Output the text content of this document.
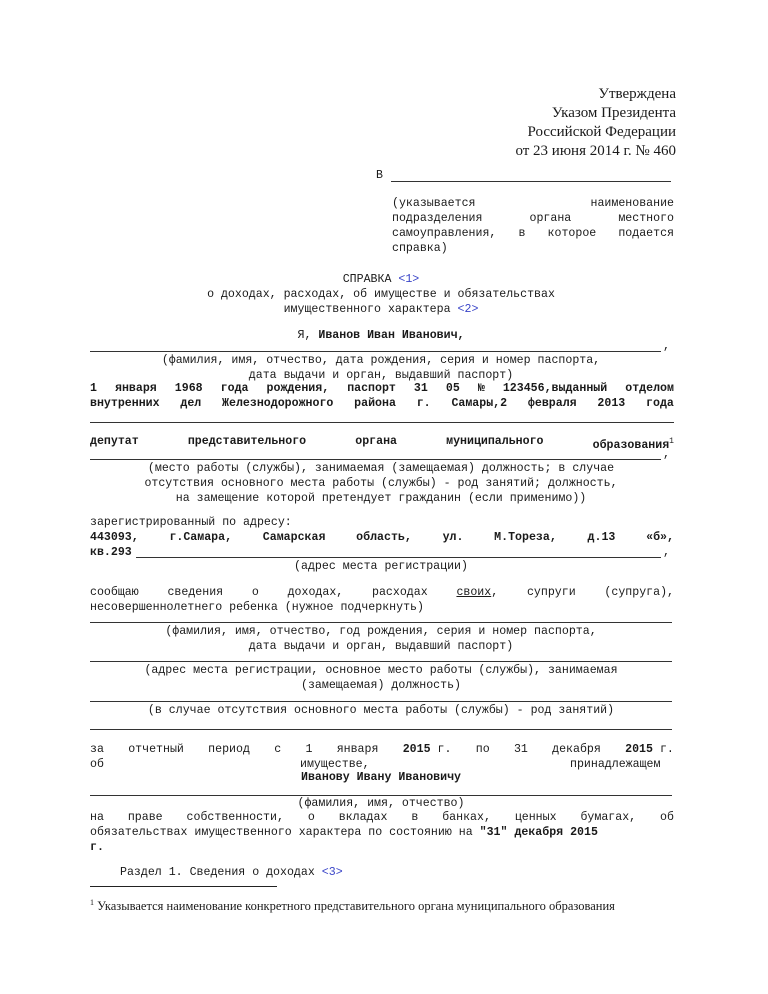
Утверждена
Указом Президента
Российской Федерации
от 23 июня 2014 г. № 460
В
(указывается	наименование
подразделения	органа	местного
самоуправления, в которое подается
справка)
СПРАВКА <1>
о доходах, расходах, об имуществе и обязательствах
имущественного характера <2>
Я, Иванов Иван Иванович,
,
(фамилия, имя, отчество, дата рождения, серия и номер паспорта,
дата выдачи и орган, выдавший паспорт)
1 января 1968 года рождения, паспорт 31 05 № 123456,выданный отделом
внутренних дел Железнодорожного района г. Самары,2 февраля 2013 года
депутат	представительного	органа	муниципального	образования$^1$
,
(место работы (службы), занимаемая (замещаемая) должность; в случае
отсутствия основного места работы (службы) - род занятий; должность,
на замещение которой претендует гражданин (если применимо))
зарегистрированный по адресу:
443093,	г.Самара,	Самарская	область,	ул.	М.Тореза,	д.13	«б»,
кв.293	,
(адрес места регистрации)
сообщаю сведения о доходах, расходах своих, супруги (супруга),
несовершеннолетнего ребенка (нужное подчеркнуть)
(фамилия, имя, отчество, год рождения, серия и номер паспорта,
дата выдачи и орган, выдавший паспорт)
(адрес места регистрации, основное место работы (службы), занимаемая
(замещаемая) должность)
(в случае отсутствия основного места работы (службы) - род занятий)
за отчетный период с 1 января 2015 г. по 31 декабря 2015 г.
об	имуществе,	принадлежащем
Иванову Ивану Ивановичу
(фамилия, имя, отчество)
на праве собственности, о вкладах в банках, ценных бумагах, об
обязательствах имущественного характера по состоянию на "31" декабря 2015
г.
Раздел 1. Сведения о доходах <3>
$^1$ Указывается наименование конкретного представительного органа муниципального образования
